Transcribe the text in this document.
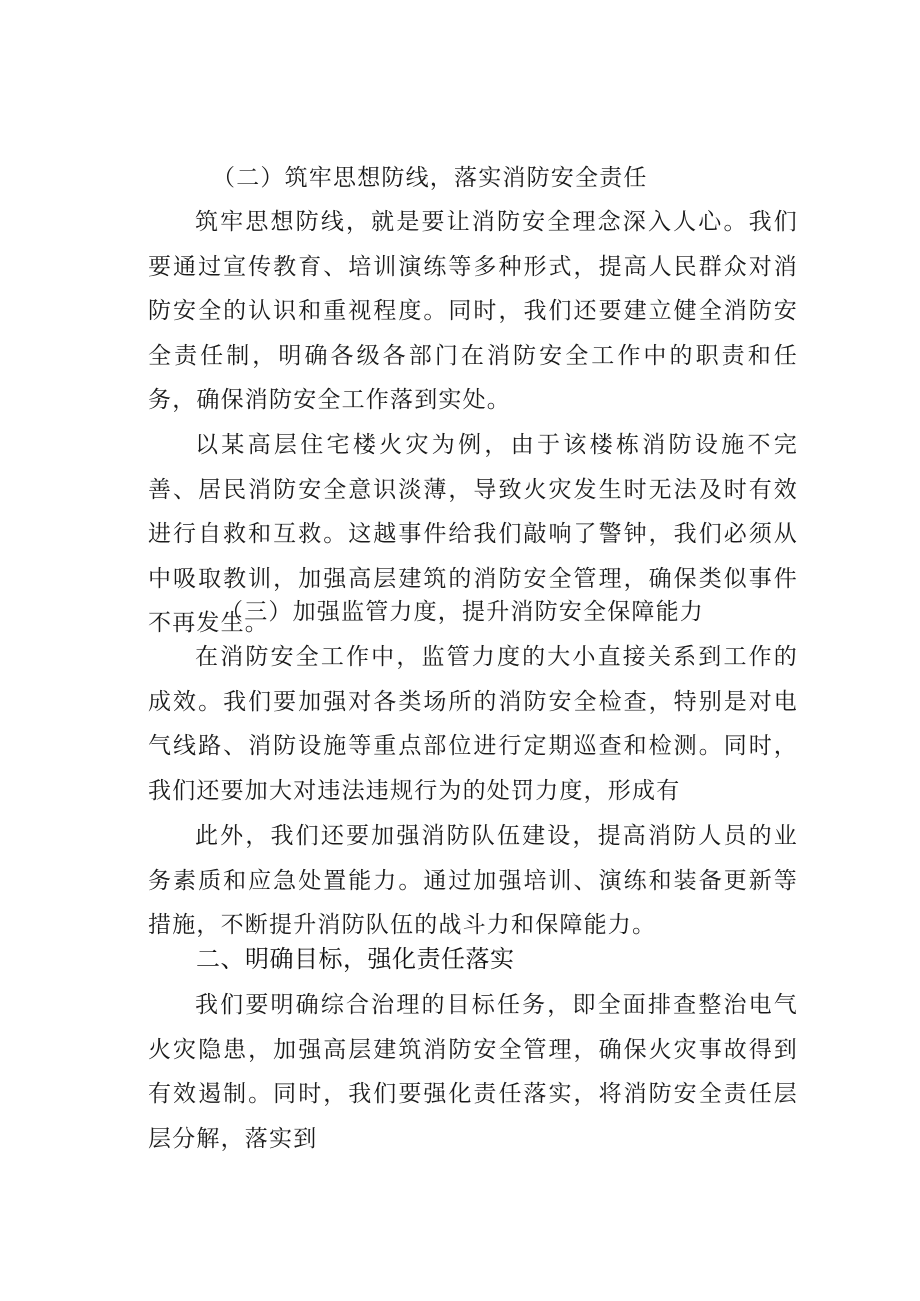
（二）筑牢思想防线，落实消防安全责任
筑牢思想防线，就是要让消防安全理念深入人心。我们要通过宣传教育、培训演练等多种形式，提高人民群众对消防安全的认识和重视程度。同时，我们还要建立健全消防安全责任制，明确各级各部门在消防安全工作中的职责和任务，确保消防安全工作落到实处。
以某高层住宅楼火灾为例，由于该楼栋消防设施不完善、居民消防安全意识淡薄，导致火灾发生时无法及时有效进行自救和互救。这越事件给我们敲响了警钟，我们必须从中吸取教训，加强高层建筑的消防安全管理，确保类似事件不再发生。
（三）加强监管力度，提升消防安全保障能力
在消防安全工作中，监管力度的大小直接关系到工作的成效。我们要加强对各类场所的消防安全检查，特别是对电气线路、消防设施等重点部位进行定期巡查和检测。同时，我们还要加大对违法违规行为的处罚力度，形成有
此外，我们还要加强消防队伍建设，提高消防人员的业务素质和应急处置能力。通过加强培训、演练和装备更新等措施，不断提升消防队伍的战斗力和保障能力。
二、明确目标，强化责任落实
我们要明确综合治理的目标任务，即全面排查整治电气火灾隐患，加强高层建筑消防安全管理，确保火灾事故得到有效遏制。同时，我们要强化责任落实，将消防安全责任层层分解，落实到
